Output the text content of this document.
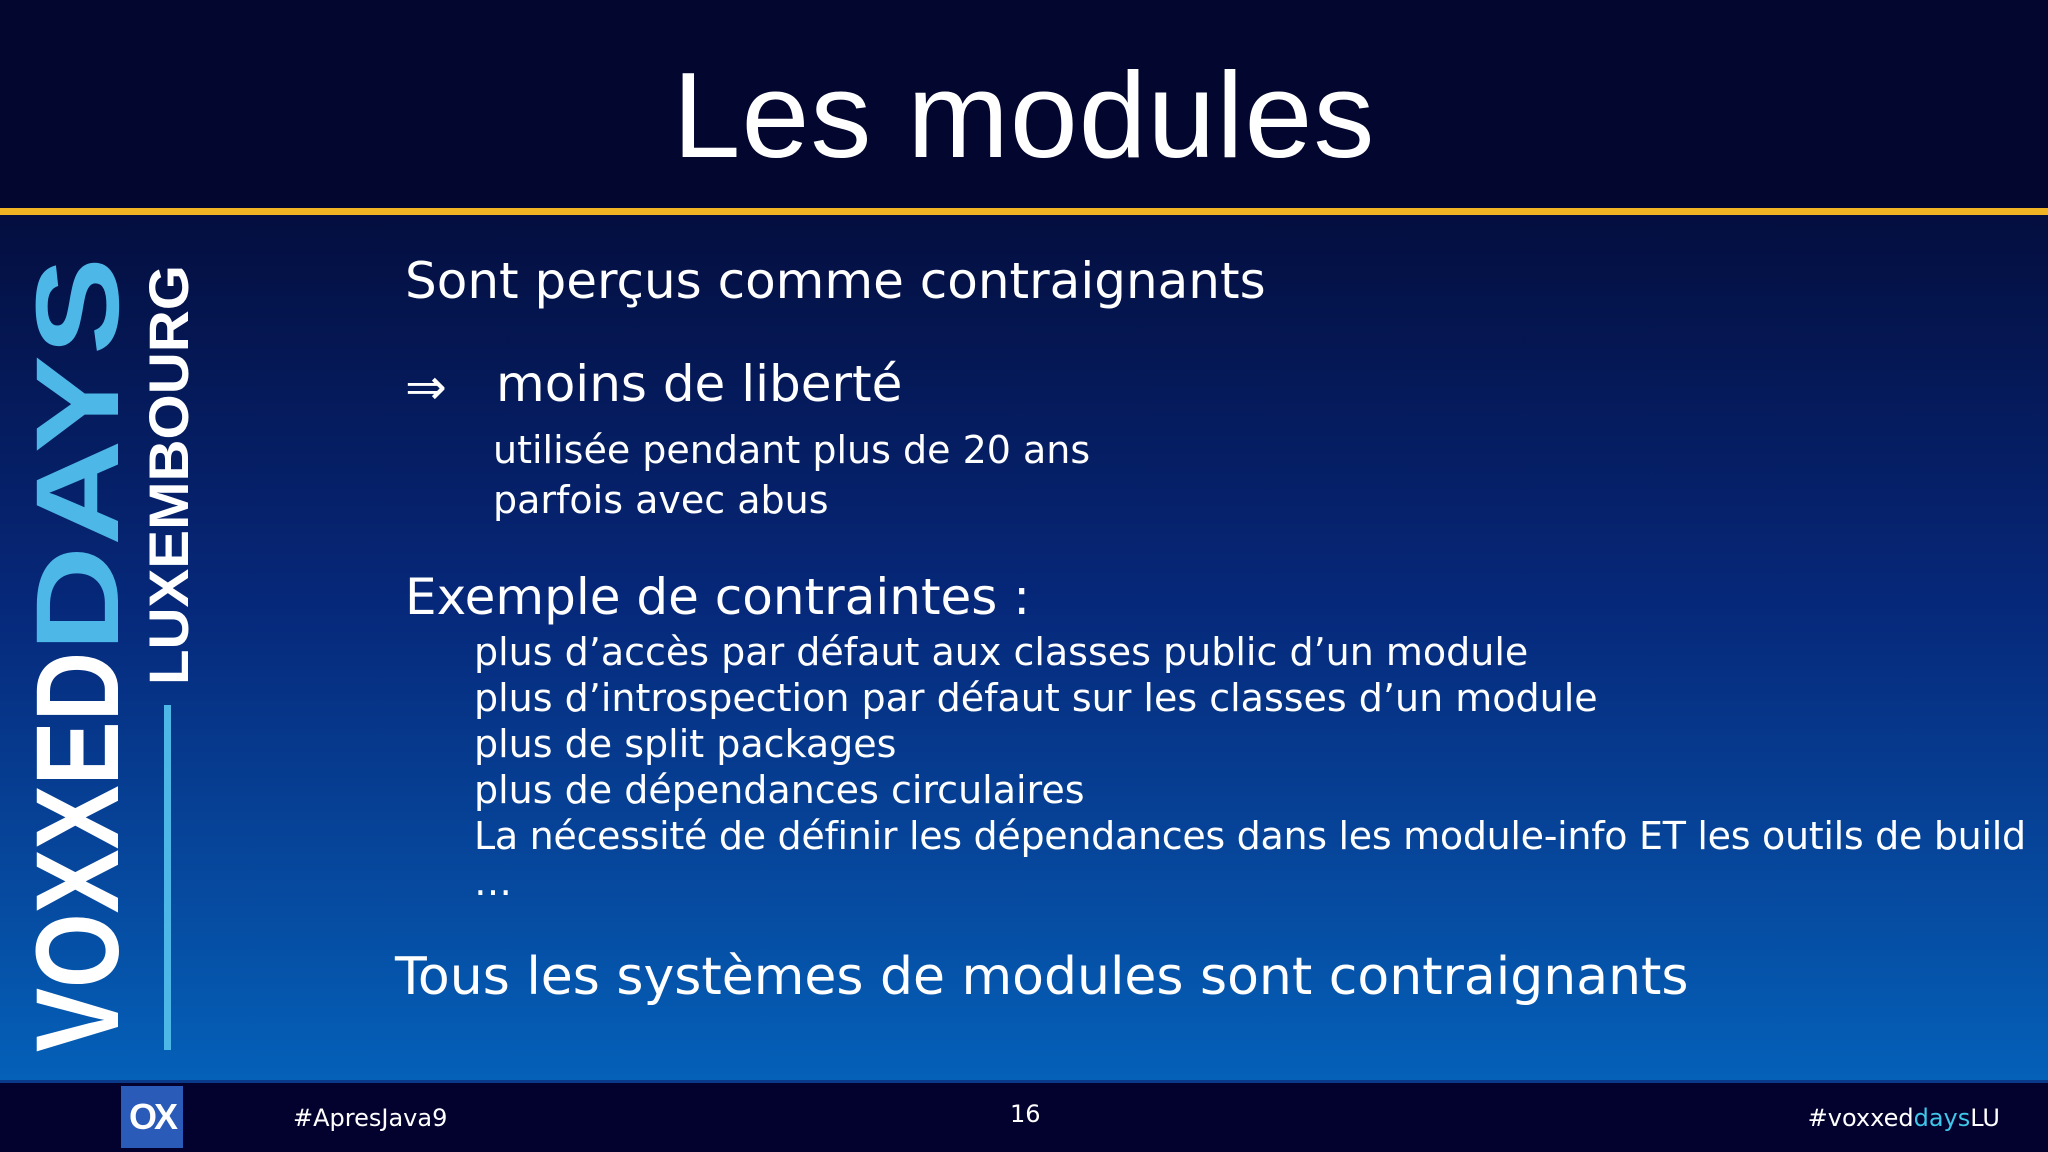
Les modules
VOXXED
DAYS
LUXEMBOURG	Sont perçus comme contraignants
⇒ moins de liberté
utilisée pendant plus de 20 ans
parfois avec abus
Exemple de contraintes :
plus d’accès par défaut aux classes public d’un module
plus d’introspection par défaut sur les classes d’un module
plus de split packages
plus de dépendances circulaires
La nécessité de définir les dépendances dans les module-info ET les outils de build
…
Tous les systèmes de modules sont contraignants
OX	#ApresJava9	16	#voxxeddaysLU
